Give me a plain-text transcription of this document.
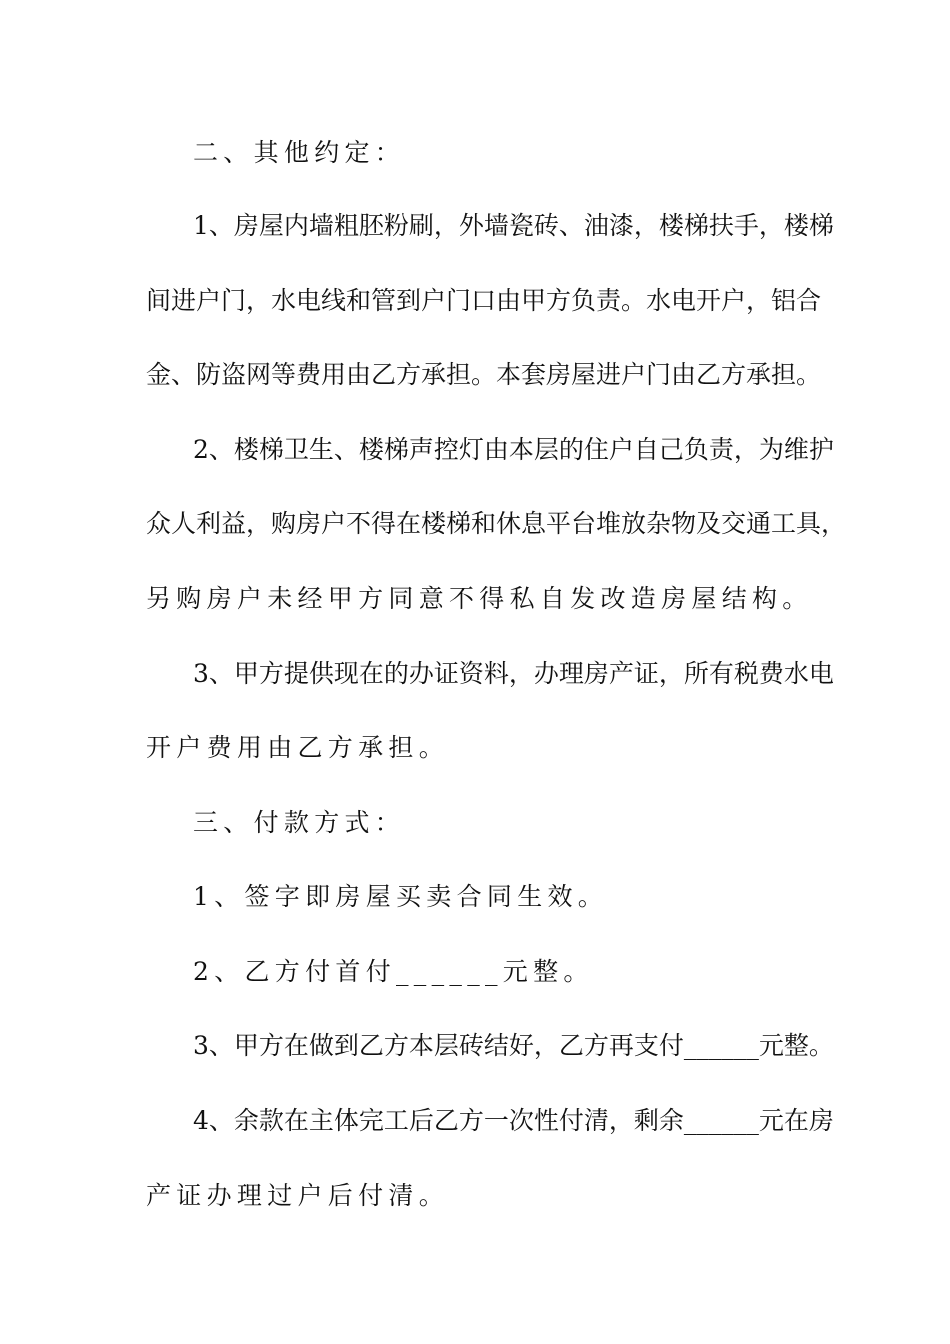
二、其他约定：
1、房屋内墙粗胚粉刷，外墙瓷砖、油漆，楼梯扶手，楼梯
间进户门，水电线和管到户门口由甲方负责。水电开户，铝合
金、防盗网等费用由乙方承担。本套房屋进户门由乙方承担。
2、楼梯卫生、楼梯声控灯由本层的住户自己负责，为维护
众人利益，购房户不得在楼梯和休息平台堆放杂物及交通工具，
另购房户未经甲方同意不得私自发改造房屋结构。
3、甲方提供现在的办证资料，办理房产证，所有税费水电
开户费用由乙方承担。
三、付款方式：
1、签字即房屋买卖合同生效。
2、乙方付首付______元整。
3、甲方在做到乙方本层砖结好，乙方再支付______元整。
4、余款在主体完工后乙方一次性付清，剩余______元在房
产证办理过户后付清。
